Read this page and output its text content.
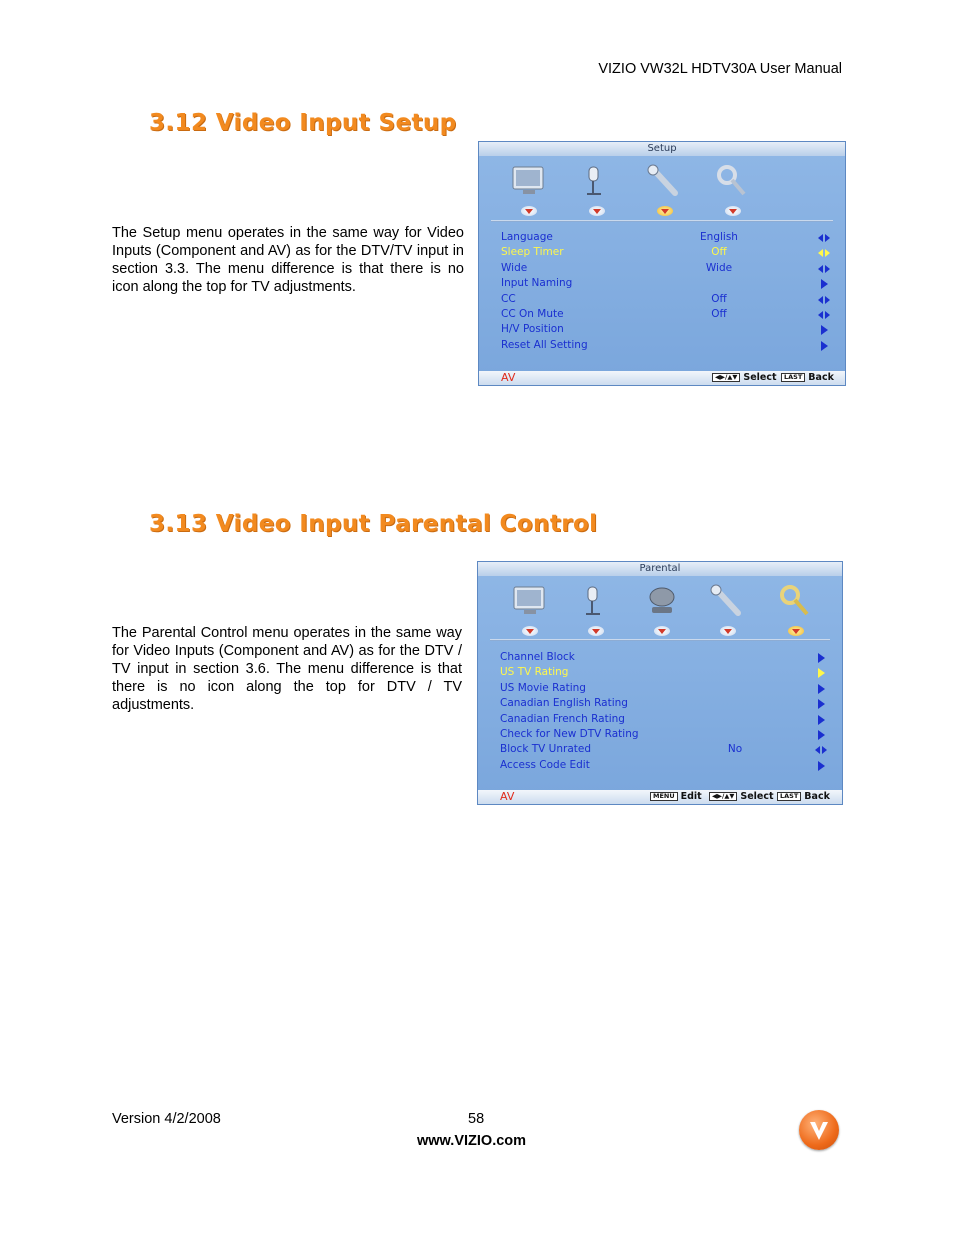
VIZIO VW32L HDTV30A User Manual
3.12 Video Input Setup
The Setup menu operates in the same way for Video Inputs (Component and AV) as for the DTV/TV input in section 3.3. The menu difference is that there is no icon along the top for TV adjustments.
Setup
Language	English
Sleep Timer	Off
Wide	Wide
Input Naming
CC	Off
CC On Mute	Off
H/V Position
Reset All Setting
AV	◀▶/▲▼ Select	LAST Back
3.13 Video Input Parental Control
The Parental Control menu operates in the same way for Video Inputs (Component and AV) as for the DTV / TV input in section 3.6. The menu difference is that there is no icon along the top for DTV / TV adjustments.
Parental
Channel Block
US TV Rating
US Movie Rating
Canadian English Rating
Canadian French Rating
Check for New DTV Rating
Block TV Unrated	No
Access Code Edit
AV	MENU Edit	◀▶/▲▼ Select LAST Back
Version 4/2/2008	58
www.VIZIO.com
